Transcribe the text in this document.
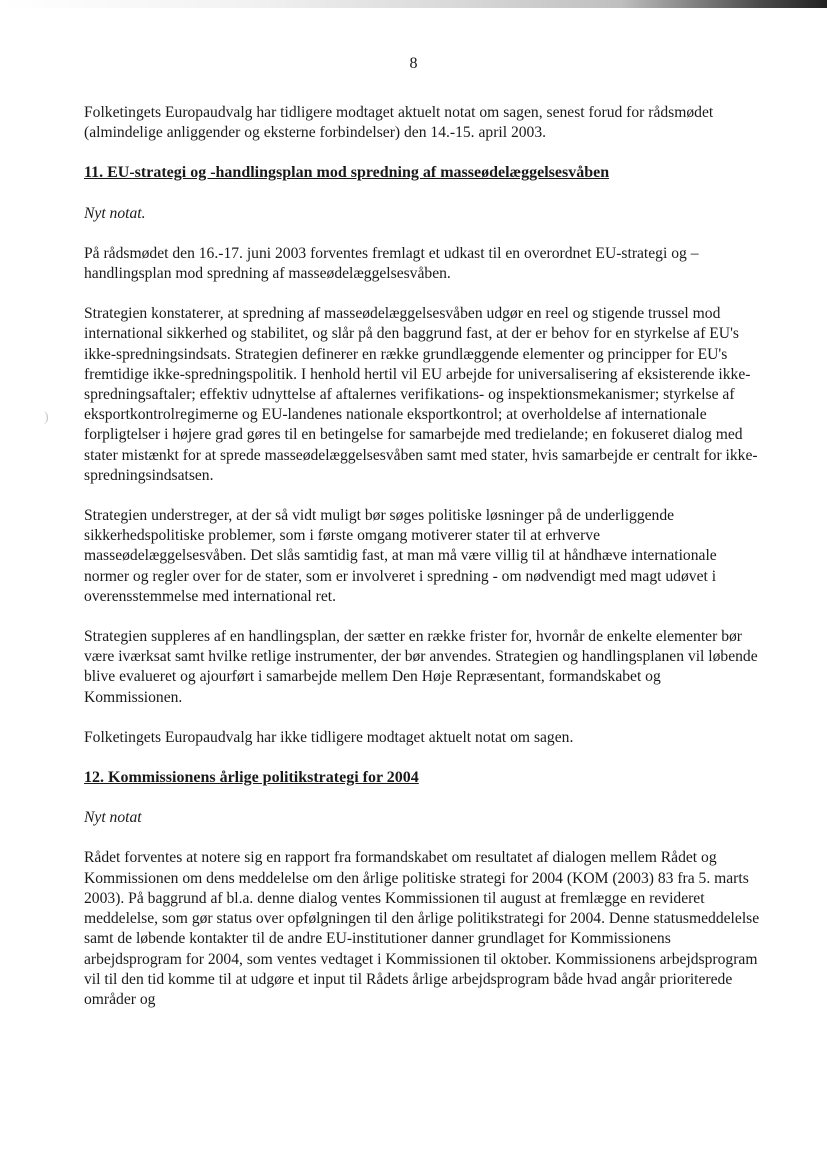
)
8

Folketingets Europaudvalg har tidligere modtaget aktuelt notat om sagen, senest forud for rådsmødet (almindelige anliggender og eksterne forbindelser) den 14.-15. april 2003.

11. EU-strategi og -handlingsplan mod spredning af masseødelæggelsesvåben
Nyt notat.

På rådsmødet den 16.-17. juni 2003 forventes fremlagt et udkast til en overordnet EU-strategi og –handlingsplan mod spredning af masseødelæggelsesvåben.

Strategien konstaterer, at spredning af masseødelæggelsesvåben udgør en reel og stigende trussel mod international sikkerhed og stabilitet, og slår på den baggrund fast, at der er behov for en styrkelse af EU's ikke-spredningsindsats. Strategien definerer en række grundlæggende elementer og principper for EU's fremtidige ikke-spredningspolitik. I henhold hertil vil EU arbejde for universalisering af eksisterende ikke-spredningsaftaler; effektiv udnyttelse af aftalernes verifikations- og inspektionsmekanismer; styrkelse af eksportkontrolregimerne og EU-landenes nationale eksportkontrol; at overholdelse af internationale forpligtelser i højere grad gøres til en betingelse for samarbejde med tredielande; en fokuseret dialog med stater mistænkt for at sprede masseødelæggelsesvåben samt med stater, hvis samarbejde er centralt for ikke-spredningsindsatsen.

Strategien understreger, at der så vidt muligt bør søges politiske løsninger på de underliggende sikkerhedspolitiske problemer, som i første omgang motiverer stater til at erhverve masseødelæggelsesvåben. Det slås samtidig fast, at man må være villig til at håndhæve internationale normer og regler over for de stater, som er involveret i spredning - om nødvendigt med magt udøvet i overensstemmelse med international ret.

Strategien suppleres af en handlingsplan, der sætter en række frister for, hvornår de enkelte elementer bør være iværksat samt hvilke retlige instrumenter, der bør anvendes. Strategien og handlingsplanen vil løbende blive evalueret og ajourført i samarbejde mellem Den Høje Repræsentant, formandskabet og Kommissionen.

Folketingets Europaudvalg har ikke tidligere modtaget aktuelt notat om sagen.

12. Kommissionens årlige politikstrategi for 2004
Nyt notat

Rådet forventes at notere sig en rapport fra formandskabet om resultatet af dialogen mellem Rådet og Kommissionen om dens meddelelse om den årlige politiske strategi for 2004 (KOM (2003) 83 fra 5. marts 2003). På baggrund af bl.a. denne dialog ventes Kommissionen til august at fremlægge en revideret meddelelse, som gør status over opfølgningen til den årlige politikstrategi for 2004. Denne statusmeddelelse samt de løbende kontakter til de andre EU-institutioner danner grundlaget for Kommissionens arbejdsprogram for 2004, som ventes vedtaget i Kommissionen til oktober. Kommissionens arbejdsprogram vil til den tid komme til at udgøre et input til Rådets årlige arbejdsprogram både hvad angår prioriterede områder og
